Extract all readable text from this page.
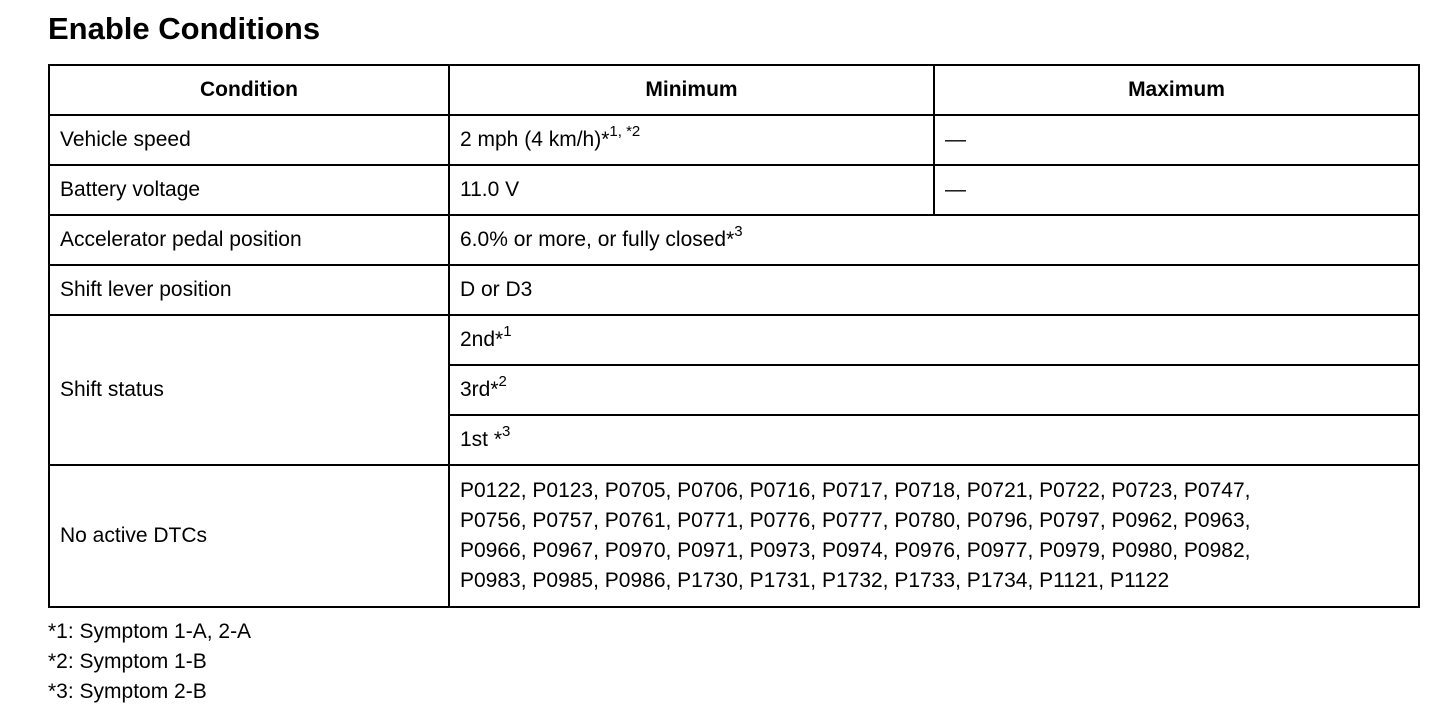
Enable Conditions
Condition	Minimum	Maximum
Vehicle speed	2 mph (4 km/h)*$^{1, *2}$	—
Battery voltage	11.0 V	—
Accelerator pedal position	6.0% or more, or fully closed*$^3$
Shift lever position	D or D3	
Shift status	2nd*$^1$
	3rd*$^2$
	1st *$^3$
No active DTCs	P0122, P0123, P0705, P0706, P0716, P0717, P0718, P0721, P0722, P0723, P0747,
P0756, P0757, P0761, P0771, P0776, P0777, P0780, P0796, P0797, P0962, P0963,
P0966, P0967, P0970, P0971, P0973, P0974, P0976, P0977, P0979, P0980, P0982,
P0983, P0985, P0986, P1730, P1731, P1732, P1733, P1734, P1121, P1122	
*1: Symptom 1-A, 2-A
*2: Symptom 1-B
*3: Symptom 2-B
